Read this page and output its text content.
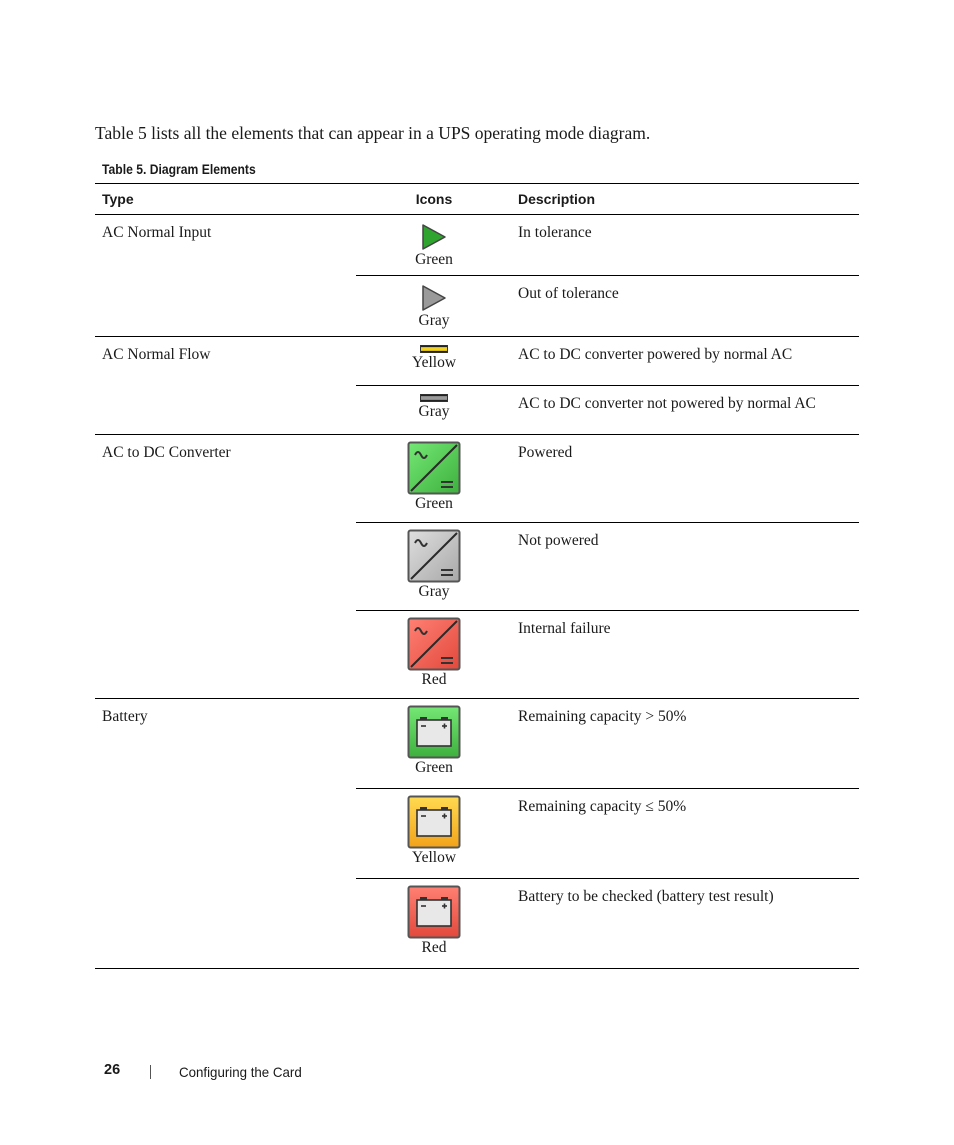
Table 5 lists all the elements that can appear in a UPS operating mode diagram.

Table 5. Diagram Elements
Type	Icons	Description
AC Normal Input	Green	In tolerance

	Gray	Out of tolerance
AC Normal Flow	Yellow	AC to DC converter powered by normal AC

	Gray	AC to DC converter not powered by normal AC
AC to DC Converter	Green	Powered

	Gray	Not powered

	Red	Internal failure
Battery	Green	Remaining capacity > 50%

	Yellow	Remaining capacity ≤ 50%

	Red	Battery to be checked (battery test result)
26	Configuring the Card
